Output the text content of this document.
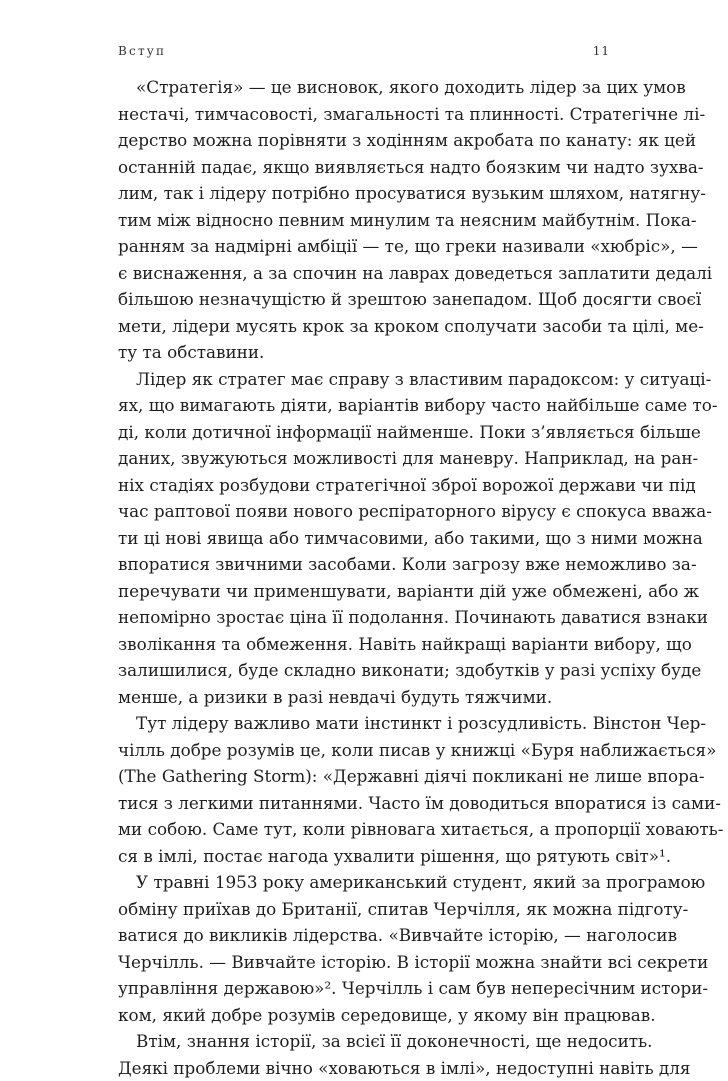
Вступ	11
«Стратегія» — це висновок, якого доходить лідер за цих умов
нестачі, тимчасовості, змагальності та плинності. Стратегічне лі-
дерство можна порівняти з ходінням акробата по канату: як цей
останній падає, якщо виявляється надто боязким чи надто зухва-
лим, так і лідеру потрібно просуватися вузьким шляхом, натягну-
тим між відносно певним минулим та неясним майбутнім. Пока-
ранням за надмірні амбіції — те, що греки називали «хюбріс», —
є виснаження, а за спочин на лаврах доведеться заплатити дедалі
більшою незначущістю й зрештою занепадом. Щоб досягти своєї
мети, лідери мусять крок за кроком сполучати засоби та цілі, ме-
ту та обставини.
Лідер як стратег має справу з властивим парадоксом: у ситуаці-
ях, що вимагають діяти, варіантів вибору часто найбільше саме то-
ді, коли дотичної інформації найменше. Поки з’являється більше
даних, звужуються можливості для маневру. Наприклад, на ран-
ніх стадіях розбудови стратегічної зброї ворожої держави чи під
час раптової появи нового респіраторного вірусу є спокуса вважа-
ти ці нові явища або тимчасовими, або такими, що з ними можна
впоратися звичними засобами. Коли загрозу вже неможливо за-
перечувати чи применшувати, варіанти дій уже обмежені, або ж
непомірно зростає ціна її подолання. Починають даватися взнаки
зволікання та обмеження. Навіть найкращі варіанти вибору, що
залишилися, буде складно виконати; здобутків у разі успіху буде
менше, а ризики в разі невдачі будуть тяжчими.
Тут лідеру важливо мати інстинкт і розсудливість. Вінстон Чер-
чілль добре розумів це, коли писав у книжці «Буря наближається»
(The Gathering Storm): «Державні діячі покликані не лише впора-
тися з легкими питаннями. Часто їм доводиться впоратися із сами-
ми собою. Саме тут, коли рівновага хитається, а пропорції ховають-
ся в імлі, постає нагода ухвалити рішення, що рятують світ»¹.
У травні 1953 року американський студент, який за програмою
обміну приїхав до Британії, спитав Черчілля, як можна підготу-
ватися до викликів лідерства. «Вивчайте історію, — наголосив
Черчілль. — Вивчайте історію. В історії можна знайти всі секрети
управління державою»². Черчілль і сам був непересічним истори-
ком, який добре розумів середовище, у якому він працював.
Втім, знання історії, за всієї її доконечності, ще недосить.
Деякі проблеми вічно «ховаються в імлі», недоступні навіть для
